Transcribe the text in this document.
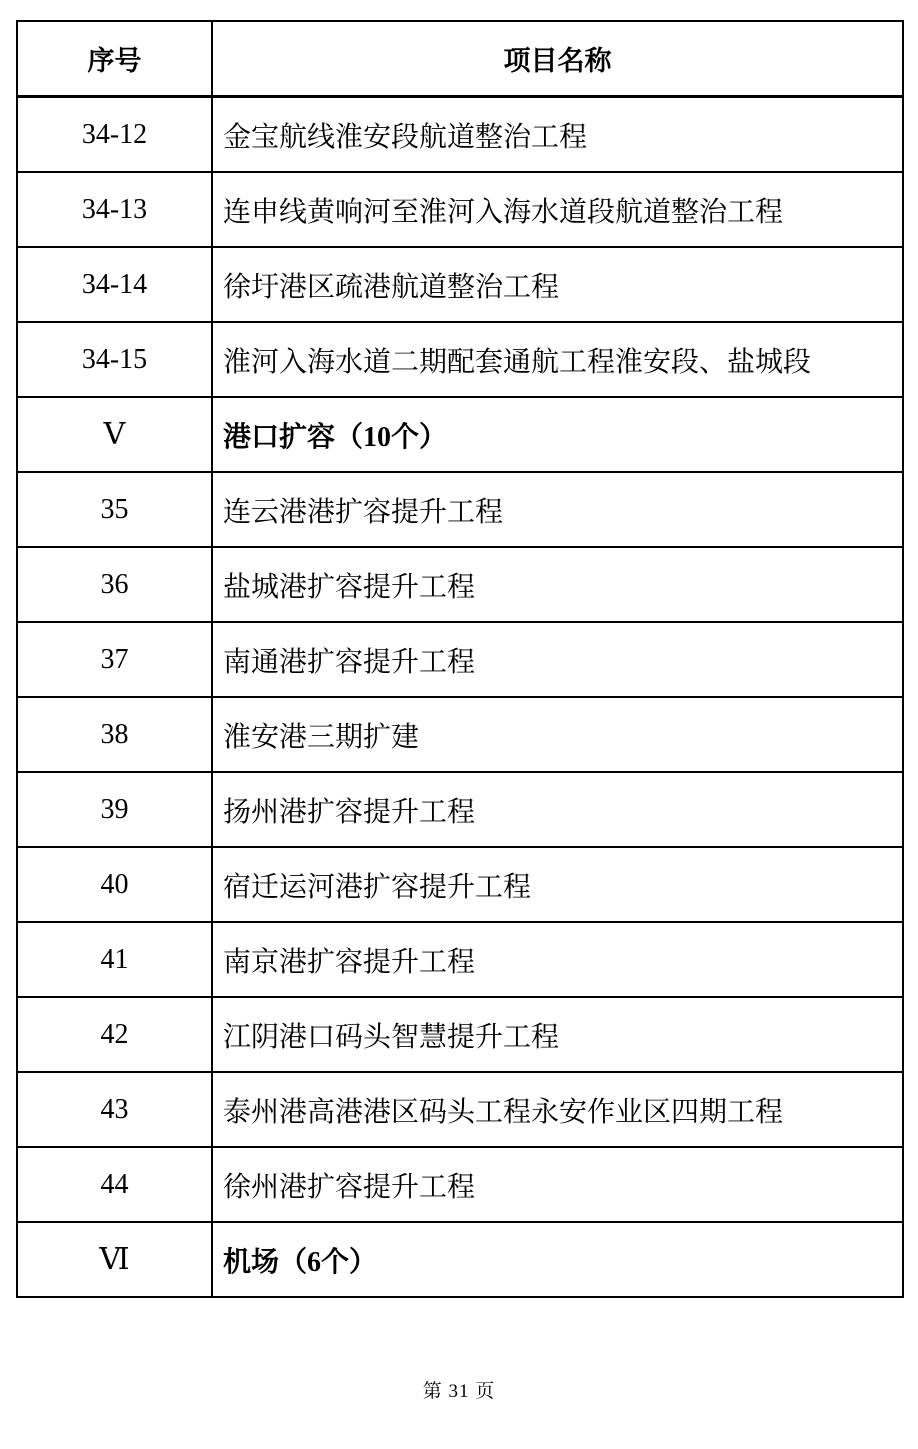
序号	项目名称
34-12	金宝航线淮安段航道整治工程
34-13	连申线黄响河至淮河入海水道段航道整治工程
34-14	徐圩港区疏港航道整治工程
34-15	淮河入海水道二期配套通航工程淮安段、盐城段
Ⅴ	港口扩容（10个）
35	连云港港扩容提升工程
36	盐城港扩容提升工程
37	南通港扩容提升工程
38	淮安港三期扩建
39	扬州港扩容提升工程
40	宿迁运河港扩容提升工程
41	南京港扩容提升工程
42	江阴港口码头智慧提升工程
43	泰州港高港港区码头工程永安作业区四期工程
44	徐州港扩容提升工程
Ⅵ	机场（6个）
第 31 页
